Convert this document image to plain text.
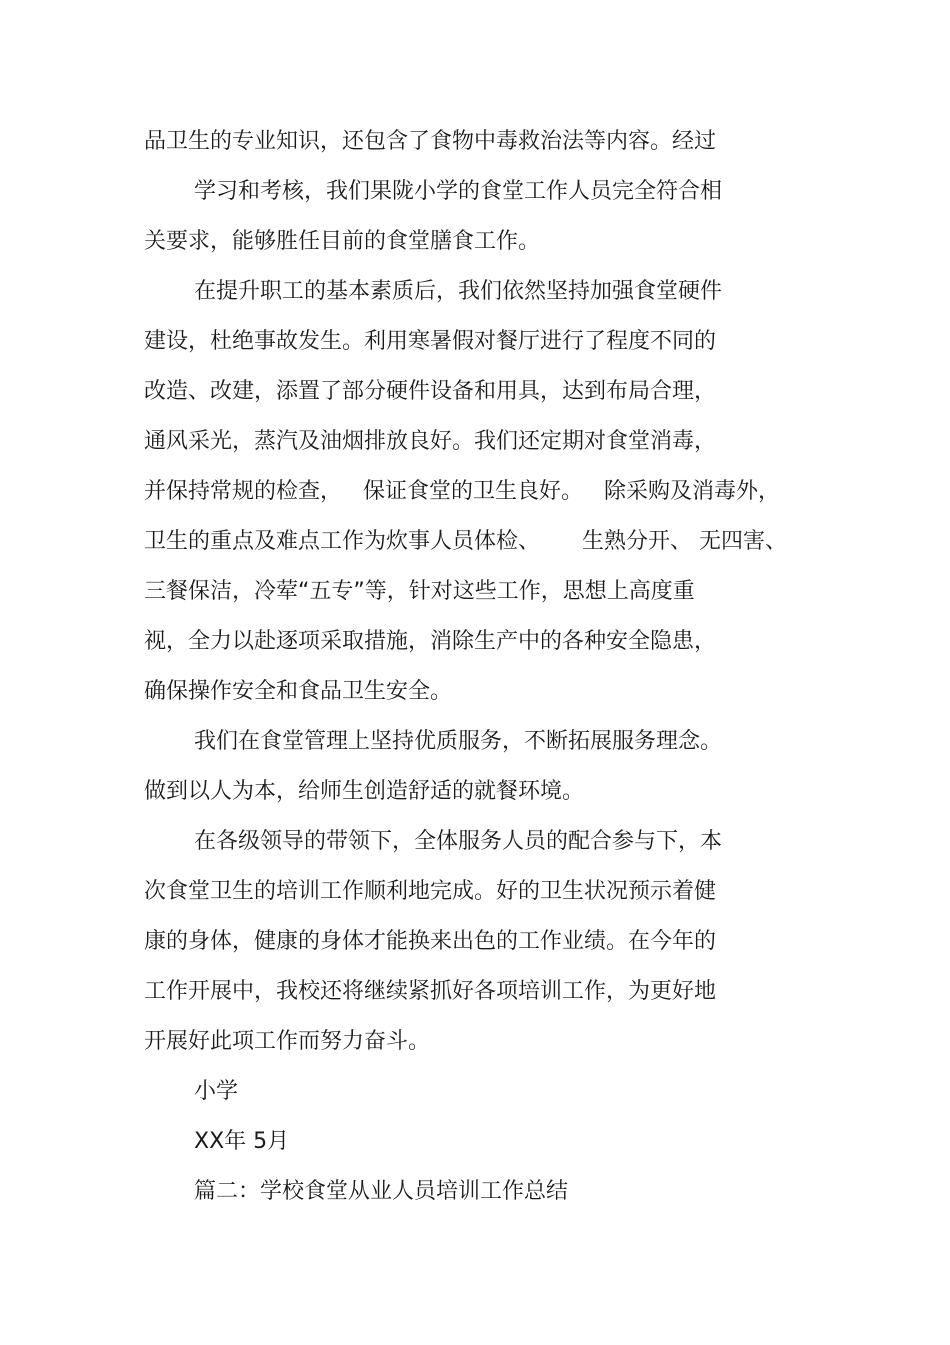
品卫生的专业知识，还包含了食物中毒救治法等内容。经过
学习和考核，我们果陇小学的食堂工作人员完全符合相
关要求，能够胜任目前的食堂膳食工作。
在提升职工的基本素质后，我们依然坚持加强食堂硬件
建设，杜绝事故发生。利用寒暑假对餐厅进行了程度不同的
改造、改建，添置了部分硬件设备和用具，达到布局合理，
通风采光，蒸汽及油烟排放良好。我们还定期对食堂消毒，
并保持常规的检查，   保证食堂的卫生良好。   除采购及消毒外，
卫生的重点及难点工作为炊事人员体检、      生熟分开、 无四害、
三餐保洁，冷荤“五专”等，针对这些工作，思想上高度重
视，全力以赴逐项采取措施，消除生产中的各种安全隐患，
确保操作安全和食品卫生安全。
我们在食堂管理上坚持优质服务，不断拓展服务理念。
做到以人为本，给师生创造舒适的就餐环境。
在各级领导的带领下，全体服务人员的配合参与下，本
次食堂卫生的培训工作顺利地完成。好的卫生状况预示着健
康的身体，健康的身体才能换来出色的工作业绩。在今年的
工作开展中，我校还将继续紧抓好各项培训工作，为更好地
开展好此项工作而努力奋斗。
小学
XX年 5月
篇二：学校食堂从业人员培训工作总结
